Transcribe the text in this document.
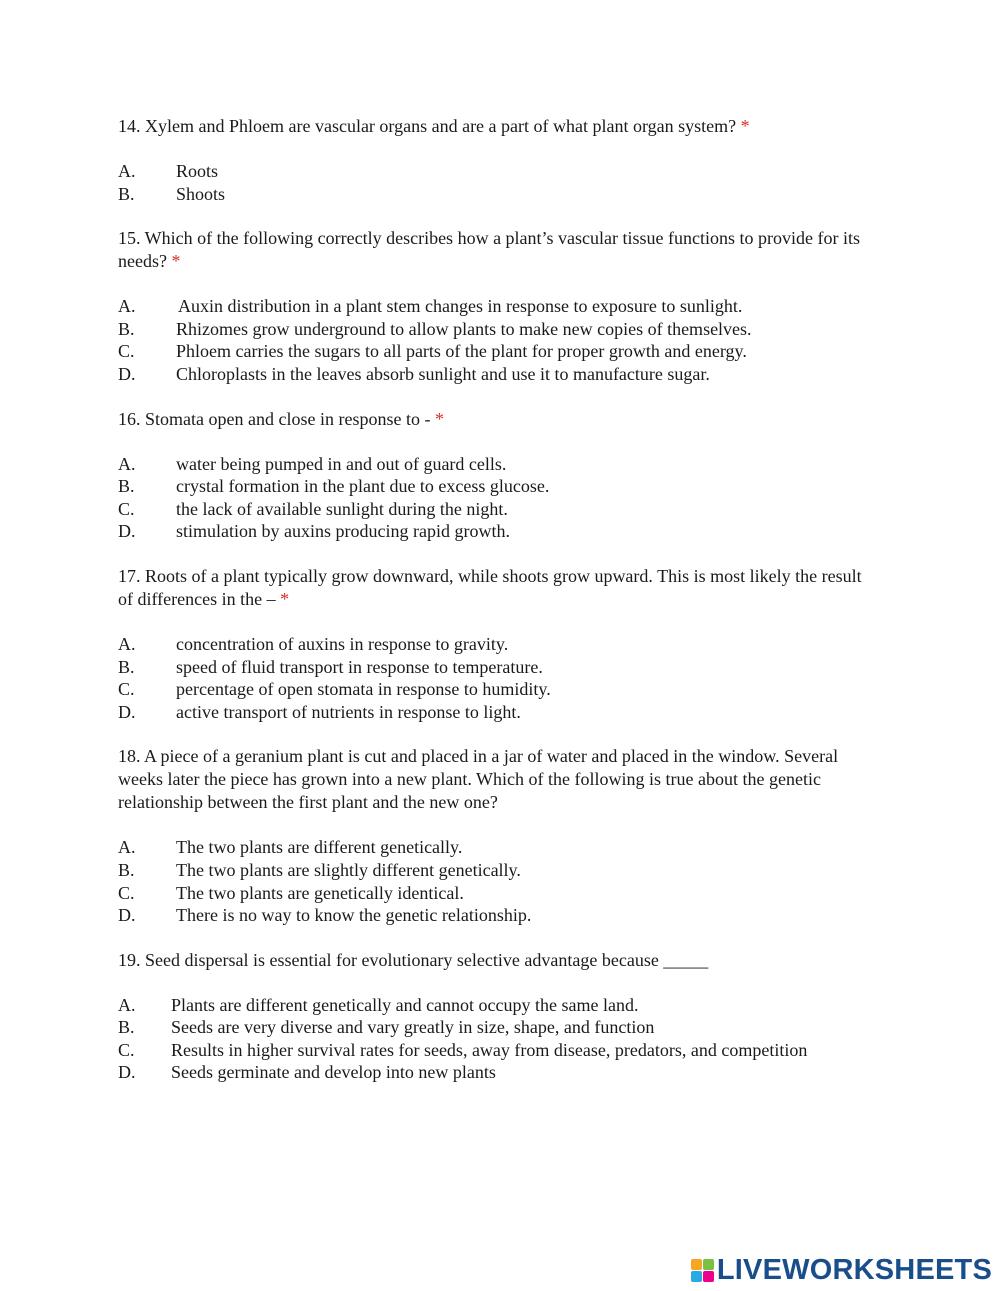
14. Xylem and Phloem are vascular organs and are a part of what plant organ system? *

A.	Roots
B.	Shoots

15. Which of the following correctly describes how a plant’s vascular tissue functions to provide for its needs? *

A.	Auxin distribution in a plant stem changes in response to exposure to sunlight.
B.	Rhizomes grow underground to allow plants to make new copies of themselves.
C.	Phloem carries the sugars to all parts of the plant for proper growth and energy.
D.	Chloroplasts in the leaves absorb sunlight and use it to manufacture sugar.

16. Stomata open and close in response to - *

A.	water being pumped in and out of guard cells.
B.	crystal formation in the plant due to excess glucose.
C.	the lack of available sunlight during the night.
D.	stimulation by auxins producing rapid growth.

17. Roots of a plant typically grow downward, while shoots grow upward. This is most likely the result of differences in the – *

A.	concentration of auxins in response to gravity.
B.	speed of fluid transport in response to temperature.
C.	percentage of open stomata in response to humidity.
D.	active transport of nutrients in response to light.

18. A piece of a geranium plant is cut and placed in a jar of water and placed in the window. Several weeks later the piece has grown into a new plant. Which of the following is true about the genetic relationship between the first plant and the new one?

A.	The two plants are different genetically.
B.	The two plants are slightly different genetically.
C.	The two plants are genetically identical.
D.	There is no way to know the genetic relationship.

19. Seed dispersal is essential for evolutionary selective advantage because _____

A.	Plants are different genetically and cannot occupy the same land.
B.	Seeds are very diverse and vary greatly in size, shape, and function
C.	Results in higher survival rates for seeds, away from disease, predators, and competition
D.	Seeds germinate and develop into new plants
LIVEWORKSHEETS
